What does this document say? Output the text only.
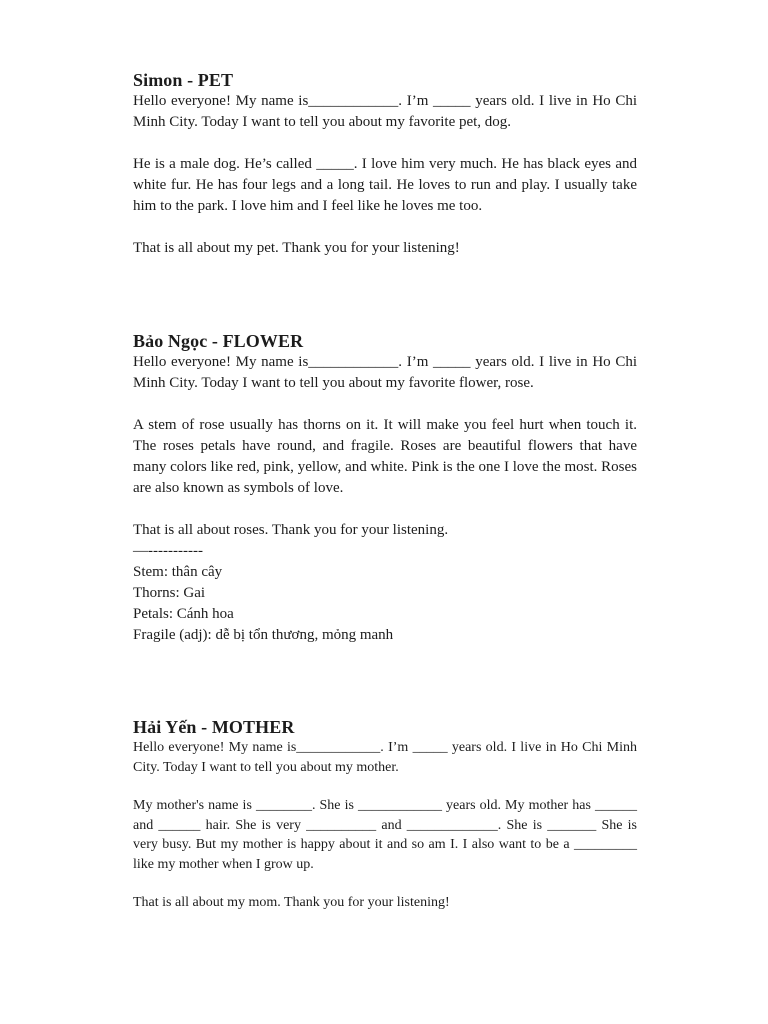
Simon - PET

Hello everyone! My name is____________. I’m _____ years old. I live in Ho Chi Minh City. Today I want to tell you about my favorite pet, dog.

He is a male dog. He’s called _____. I love him very much. He has black eyes and white fur. He has four legs and a long tail. He loves to run and play. I usually take him to the park. I love him and I feel like he loves me too.

That is all about my pet. Thank you for your listening!

Bảo Ngọc - FLOWER

Hello everyone! My name is____________. I’m _____ years old. I live in Ho Chi Minh City. Today I want to tell you about my favorite flower, rose.

A stem of rose usually has thorns on it. It will make you feel hurt when touch it. The roses petals have round, and fragile. Roses are beautiful flowers that have many colors like red, pink, yellow, and white. Pink is the one I love the most. Roses are also known as symbols of love.

That is all about roses. Thank you for your listening.

—-----------

Stem: thân cây

Thorns: Gai

Petals: Cánh hoa

Fragile (adj): dễ bị tổn thương, mỏng manh

Hải Yến - MOTHER

Hello everyone! My name is____________. I’m _____ years old. I live in Ho Chi Minh City. Today I want to tell you about my mother.

My mother's name is ________. She is ____________ years old. My mother has ______ and ______ hair. She is very __________ and _____________. She is _______ She is very busy. But my mother is happy about it and so am I. I also want to be a _________ like my mother when I grow up.

That is all about my mom. Thank you for your listening!
